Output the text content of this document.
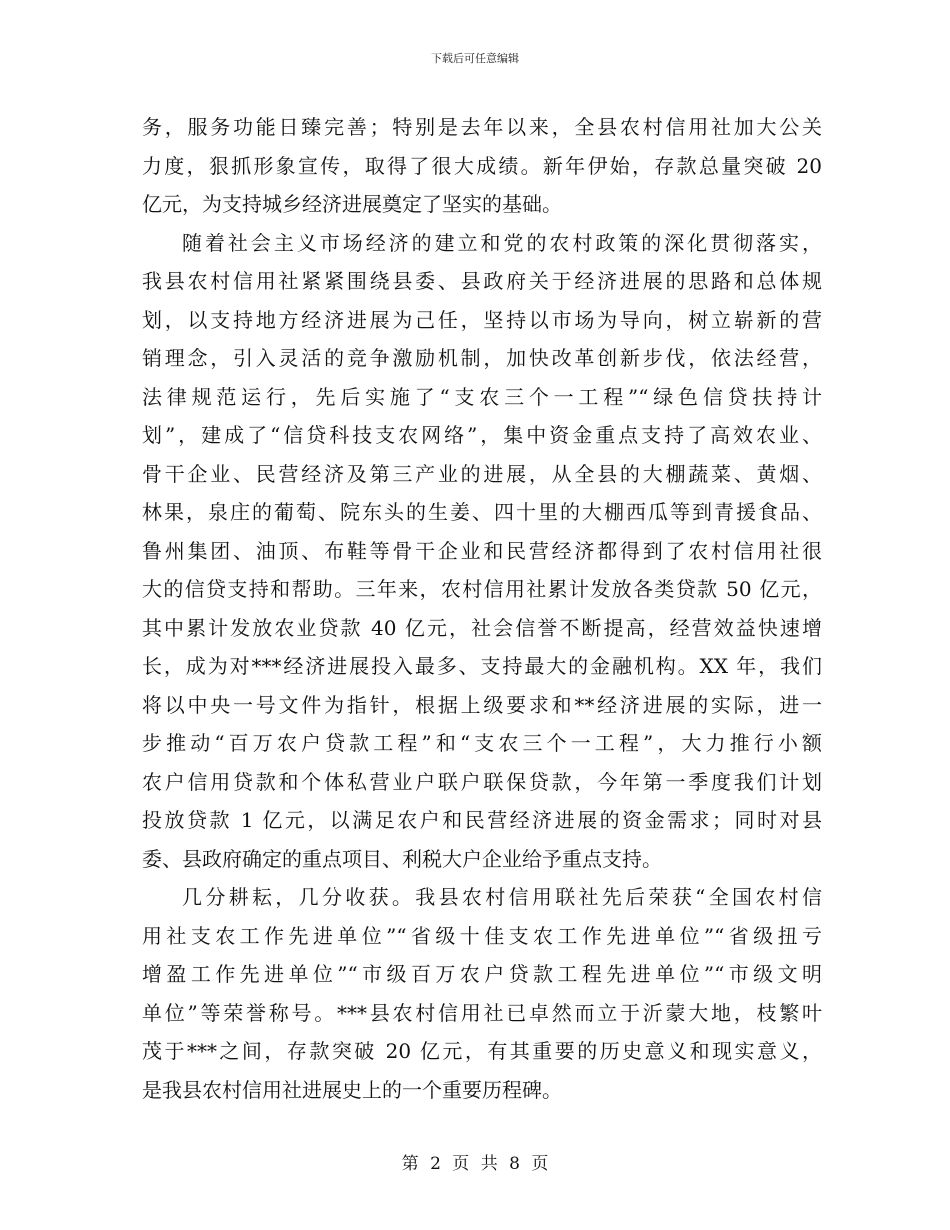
下载后可任意编辑
务，服务功能日臻完善；特别是去年以来，全县农村信用社加大公关
力度，狠抓形象宣传，取得了很大成绩。新年伊始，存款总量突破 20
亿元，为支持城乡经济进展奠定了坚实的基础。
随着社会主义市场经济的建立和党的农村政策的深化贯彻落实，
我县农村信用社紧紧围绕县委、县政府关于经济进展的思路和总体规
划，以支持地方经济进展为己任，坚持以市场为导向，树立崭新的营
销理念，引入灵活的竞争激励机制，加快改革创新步伐，依法经营，
法律规范运行，先后实施了“支农三个一工程”“绿色信贷扶持计
划”，建成了“信贷科技支农网络”，集中资金重点支持了高效农业、
骨干企业、民营经济及第三产业的进展，从全县的大棚蔬菜、黄烟、
林果，泉庄的葡萄、院东头的生姜、四十里的大棚西瓜等到青援食品、
鲁州集团、油顶、布鞋等骨干企业和民营经济都得到了农村信用社很
大的信贷支持和帮助。三年来，农村信用社累计发放各类贷款 50 亿元，
其中累计发放农业贷款 40 亿元，社会信誉不断提高，经营效益快速增
长，成为对***经济进展投入最多、支持最大的金融机构。XX 年，我们
将以中央一号文件为指针，根据上级要求和**经济进展的实际，进一
步推动“百万农户贷款工程”和“支农三个一工程”，大力推行小额
农户信用贷款和个体私营业户联户联保贷款，今年第一季度我们计划
投放贷款 1 亿元，以满足农户和民营经济进展的资金需求；同时对县
委、县政府确定的重点项目、利税大户企业给予重点支持。
几分耕耘，几分收获。我县农村信用联社先后荣获“全国农村信
用社支农工作先进单位”“省级十佳支农工作先进单位”“省级扭亏
增盈工作先进单位”“市级百万农户贷款工程先进单位”“市级文明
单位”等荣誉称号。***县农村信用社已卓然而立于沂蒙大地，枝繁叶
茂于***之间，存款突破 20 亿元，有其重要的历史意义和现实意义，
是我县农村信用社进展史上的一个重要历程碑。
第 2 页 共 8 页
